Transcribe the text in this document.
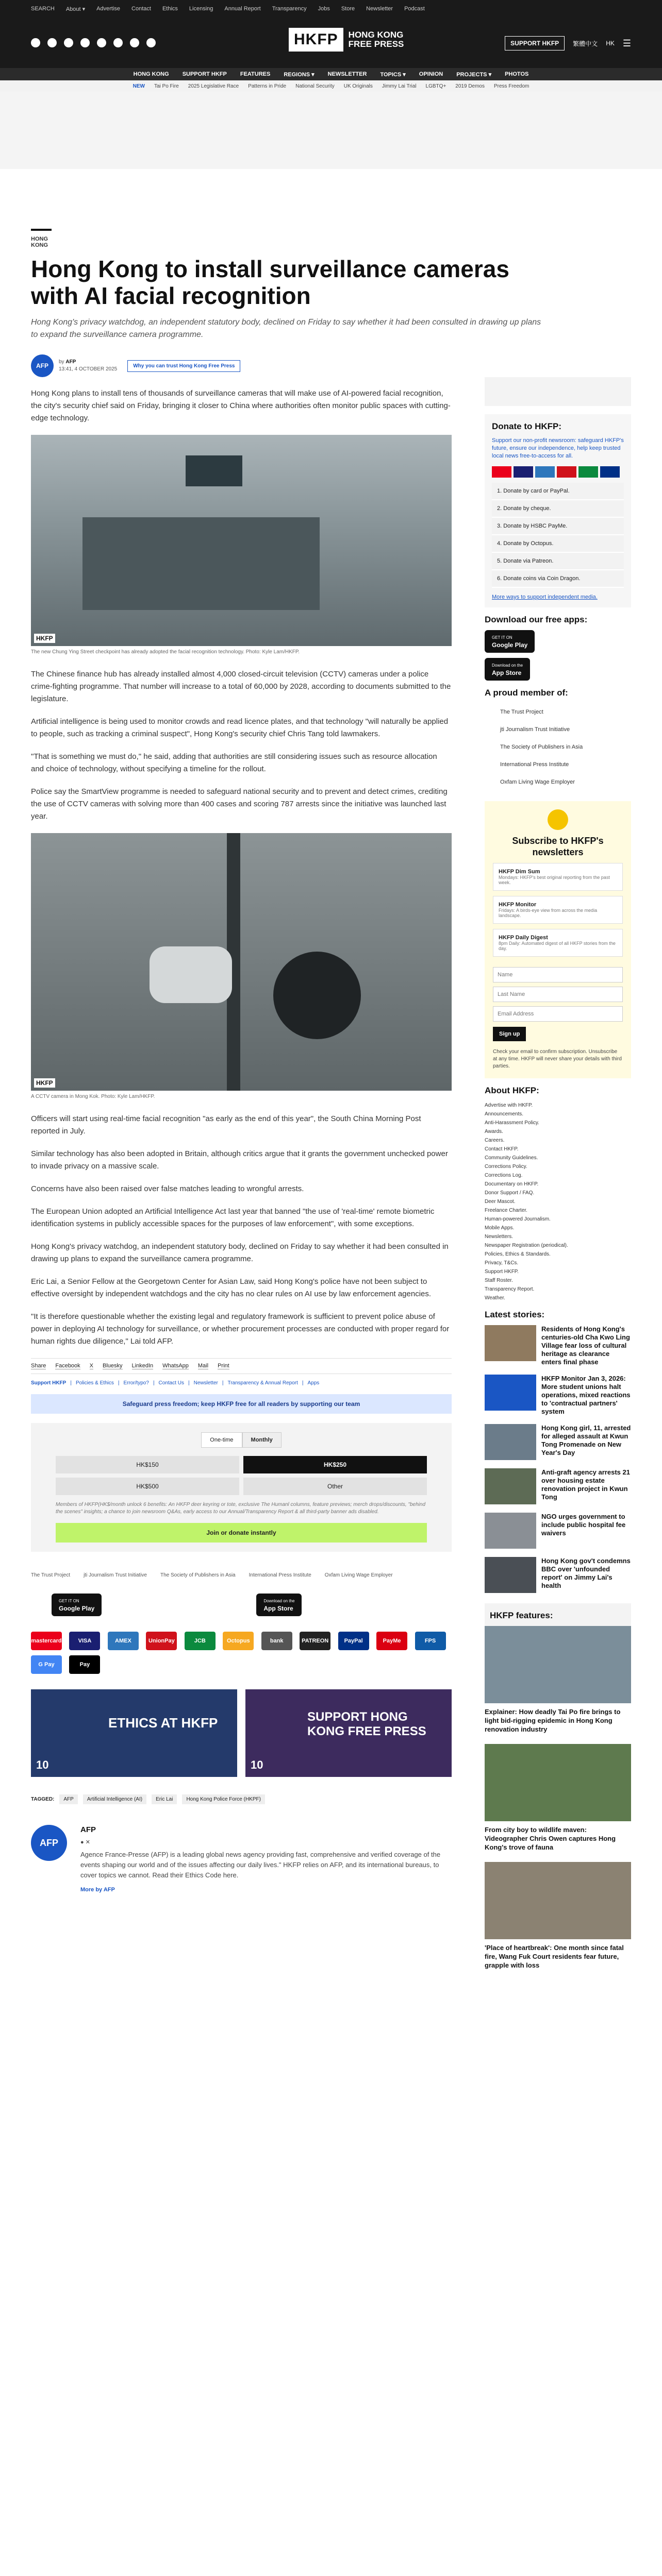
SEARCH About ▾ Advertise Contact Ethics Licensing Annual Report Transparency Jobs Store Newsletter Podcast
HKFP	HONG KONG FREE PRESS	SUPPORT HKFP	繁體中文 HK ☰
HONG KONG SUPPORT HKFP FEATURES REGIONS ▾ NEWSLETTER TOPICS ▾ OPINION PROJECTS ▾ PHOTOS
NEW Tai Po Fire 2025 Legislative Race Patterns in Pride National Security UK Originals Jimmy Lai Trial LGBTQ+ 2019 Demos Press Freedom
HONG KONG
Hong Kong to install surveillance cameras with AI facial recognition
Hong Kong's privacy watchdog, an independent statutory body, declined on Friday to say whether it had been consulted in drawing up plans to expand the surveillance camera programme.
AFP
by AFP
13:41, 4 OCTOBER 2025
Why you can trust Hong Kong Free Press

Hong Kong plans to install tens of thousands of surveillance cameras that will make use of AI-powered facial recognition, the city's security chief said on Friday, bringing it closer to China where authorities often monitor public spaces with cutting-edge technology.

HKFP
The new Chung Ying Street checkpoint has already adopted the facial recognition technology. Photo: Kyle Lam/HKFP.

The Chinese finance hub has already installed almost 4,000 closed-circuit television (CCTV) cameras under a police crime-fighting programme. That number will increase to a total of 60,000 by 2028, according to documents submitted to the legislature.

Artificial intelligence is being used to monitor crowds and read licence plates, and that technology "will naturally be applied to people, such as tracking a criminal suspect", Hong Kong's security chief Chris Tang told lawmakers.

"That is something we must do," he said, adding that authorities are still considering issues such as resource allocation and choice of technology, without specifying a timeline for the rollout.

Police say the SmartView programme is needed to safeguard national security and to prevent and detect crimes, crediting the use of CCTV cameras with solving more than 400 cases and scoring 787 arrests since the initiative was launched last year.

HKFP
A CCTV camera in Mong Kok. Photo: Kyle Lam/HKFP.

Officers will start using real-time facial recognition "as early as the end of this year", the South China Morning Post reported in July.

Similar technology has also been adopted in Britain, although critics argue that it grants the government unchecked power to invade privacy on a massive scale.

Concerns have also been raised over false matches leading to wrongful arrests.

The European Union adopted an Artificial Intelligence Act last year that banned "the use of 'real-time' remote biometric identification systems in publicly accessible spaces for the purposes of law enforcement", with some exceptions.

Hong Kong's privacy watchdog, an independent statutory body, declined on Friday to say whether it had been consulted in drawing up plans to expand the surveillance camera programme.

Eric Lai, a Senior Fellow at the Georgetown Center for Asian Law, said Hong Kong's police have not been subject to effective oversight by independent watchdogs and the city has no clear rules on AI use by law enforcement agencies.

"It is therefore questionable whether the existing legal and regulatory framework is sufficient to prevent police abuse of power in deploying AI technology for surveillance, or whether procurement processes are conducted with proper regard for human rights due diligence," Lai told AFP.

Share Facebook X Bluesky LinkedIn WhatsApp Mail Print
Support HKFP | Policies & Ethics | Error/typo? | Contact Us | Newsletter | Transparency & Annual Report | Apps
Safeguard press freedom; keep HKFP free for all readers by supporting our team
One-time	Monthly
HK$150	HK$250
HK$500	Other
Members of HKFP(HK$/month unlock 6 benefits: An HKFP deer keyring or tote, exclusive The Humanl columns, feature previews; merch drops/discounts, "behind the scenes" insights; a chance to join newsroom Q&As, early access to our Annual/Transparency Report & all third-party banner ads disabled.
Join or donate instantly
The Trust Project	jti Journalism Trust Initiative	The Society of Publishers in Asia	International Press Institute	Oxfam Living Wage Employer
GET IT ON
Google Play
Download on the
App Store
mastercard	VISA	AMEX	UnionPay	JCB	Octopus	bank	PATREON	PayPal	PayMe	FPS G Pay	Pay
ETHICS AT HKFP
10
SUPPORT HONG KONG FREE PRESS
10
TAGGED:	AFP	Artificial Intelligence (AI)	Eric Lai	Hong Kong Police Force (HKPF)
AFP
AFP
● ✕
Agence France-Presse (AFP) is a leading global news agency providing fast, comprehensive and verified coverage of the events shaping our world and of the issues affecting our daily lives." HKFP relies on AFP, and its international bureaus, to cover topics we cannot. Read their Ethics Code here.
More by AFP
Donate to HKFP:
Support our non-profit newsroom: safeguard HKFP's future, ensure our independence, help keep trusted local news free-to-access for all.
1. Donate by card or PayPal.
2. Donate by cheque.
3. Donate by HSBC PayMe.
4. Donate by Octopus.
5. Donate via Patreon.
6. Donate coins via Coin Dragon.
More ways to support independent media.
Download our free apps:
GET IT ON
Google Play

Download on the
App Store
A proud member of:
The Trust Project
jti Journalism Trust Initiative
The Society of Publishers in Asia
International Press Institute
Oxfam Living Wage Employer
Subscribe to HKFP's newsletters
HKFP Dim Sum
Mondays: HKFP's best original reporting from the past week.
HKFP Monitor
Fridays: A birds-eye view from across the media landscape.
HKFP Daily Digest
8pm Daily: Automated digest of all HKFP stories from the day.
Name
Last Name
Email Address
Sign up
Check your email to confirm subscription. Unsubscribe at any time. HKFP will never share your details with third parties.
About HKFP:
Advertise with HKFP.
Announcements.
Anti-Harassment Policy.
Awards.
Careers.
Contact HKFP.
Community Guidelines.
Corrections Policy.
Corrections Log.
Documentary on HKFP.
Donor Support / FAQ.
Deer Mascot.
Freelance Charter.
Human-powered Journalism.
Mobile Apps.
Newsletters.
Newspaper Registration (periodical).
Policies, Ethics & Standards.
Privacy, T&Cs.
Support HKFP.
Staff Roster.
Transparency Report.
Weather.
Latest stories:
Residents of Hong Kong's centuries-old Cha Kwo Ling Village fear loss of cultural heritage as clearance enters final phase
HKFP Monitor Jan 3, 2026: More student unions halt operations, mixed reactions to 'contractual partners' system
Hong Kong girl, 11, arrested for alleged assault at Kwun Tong Promenade on New Year's Day
Anti-graft agency arrests 21 over housing estate renovation project in Kwun Tong
NGO urges government to include public hospital fee waivers
Hong Kong gov't condemns BBC over 'unfounded report' on Jimmy Lai's health
HKFP features:
Explainer: How deadly Tai Po fire brings to light bid-rigging epidemic in Hong Kong renovation industry
From city boy to wildlife maven: Videographer Chris Owen captures Hong Kong's trove of fauna
'Place of heartbreak': One month since fatal fire, Wang Fuk Court residents fear future, grapple with loss
